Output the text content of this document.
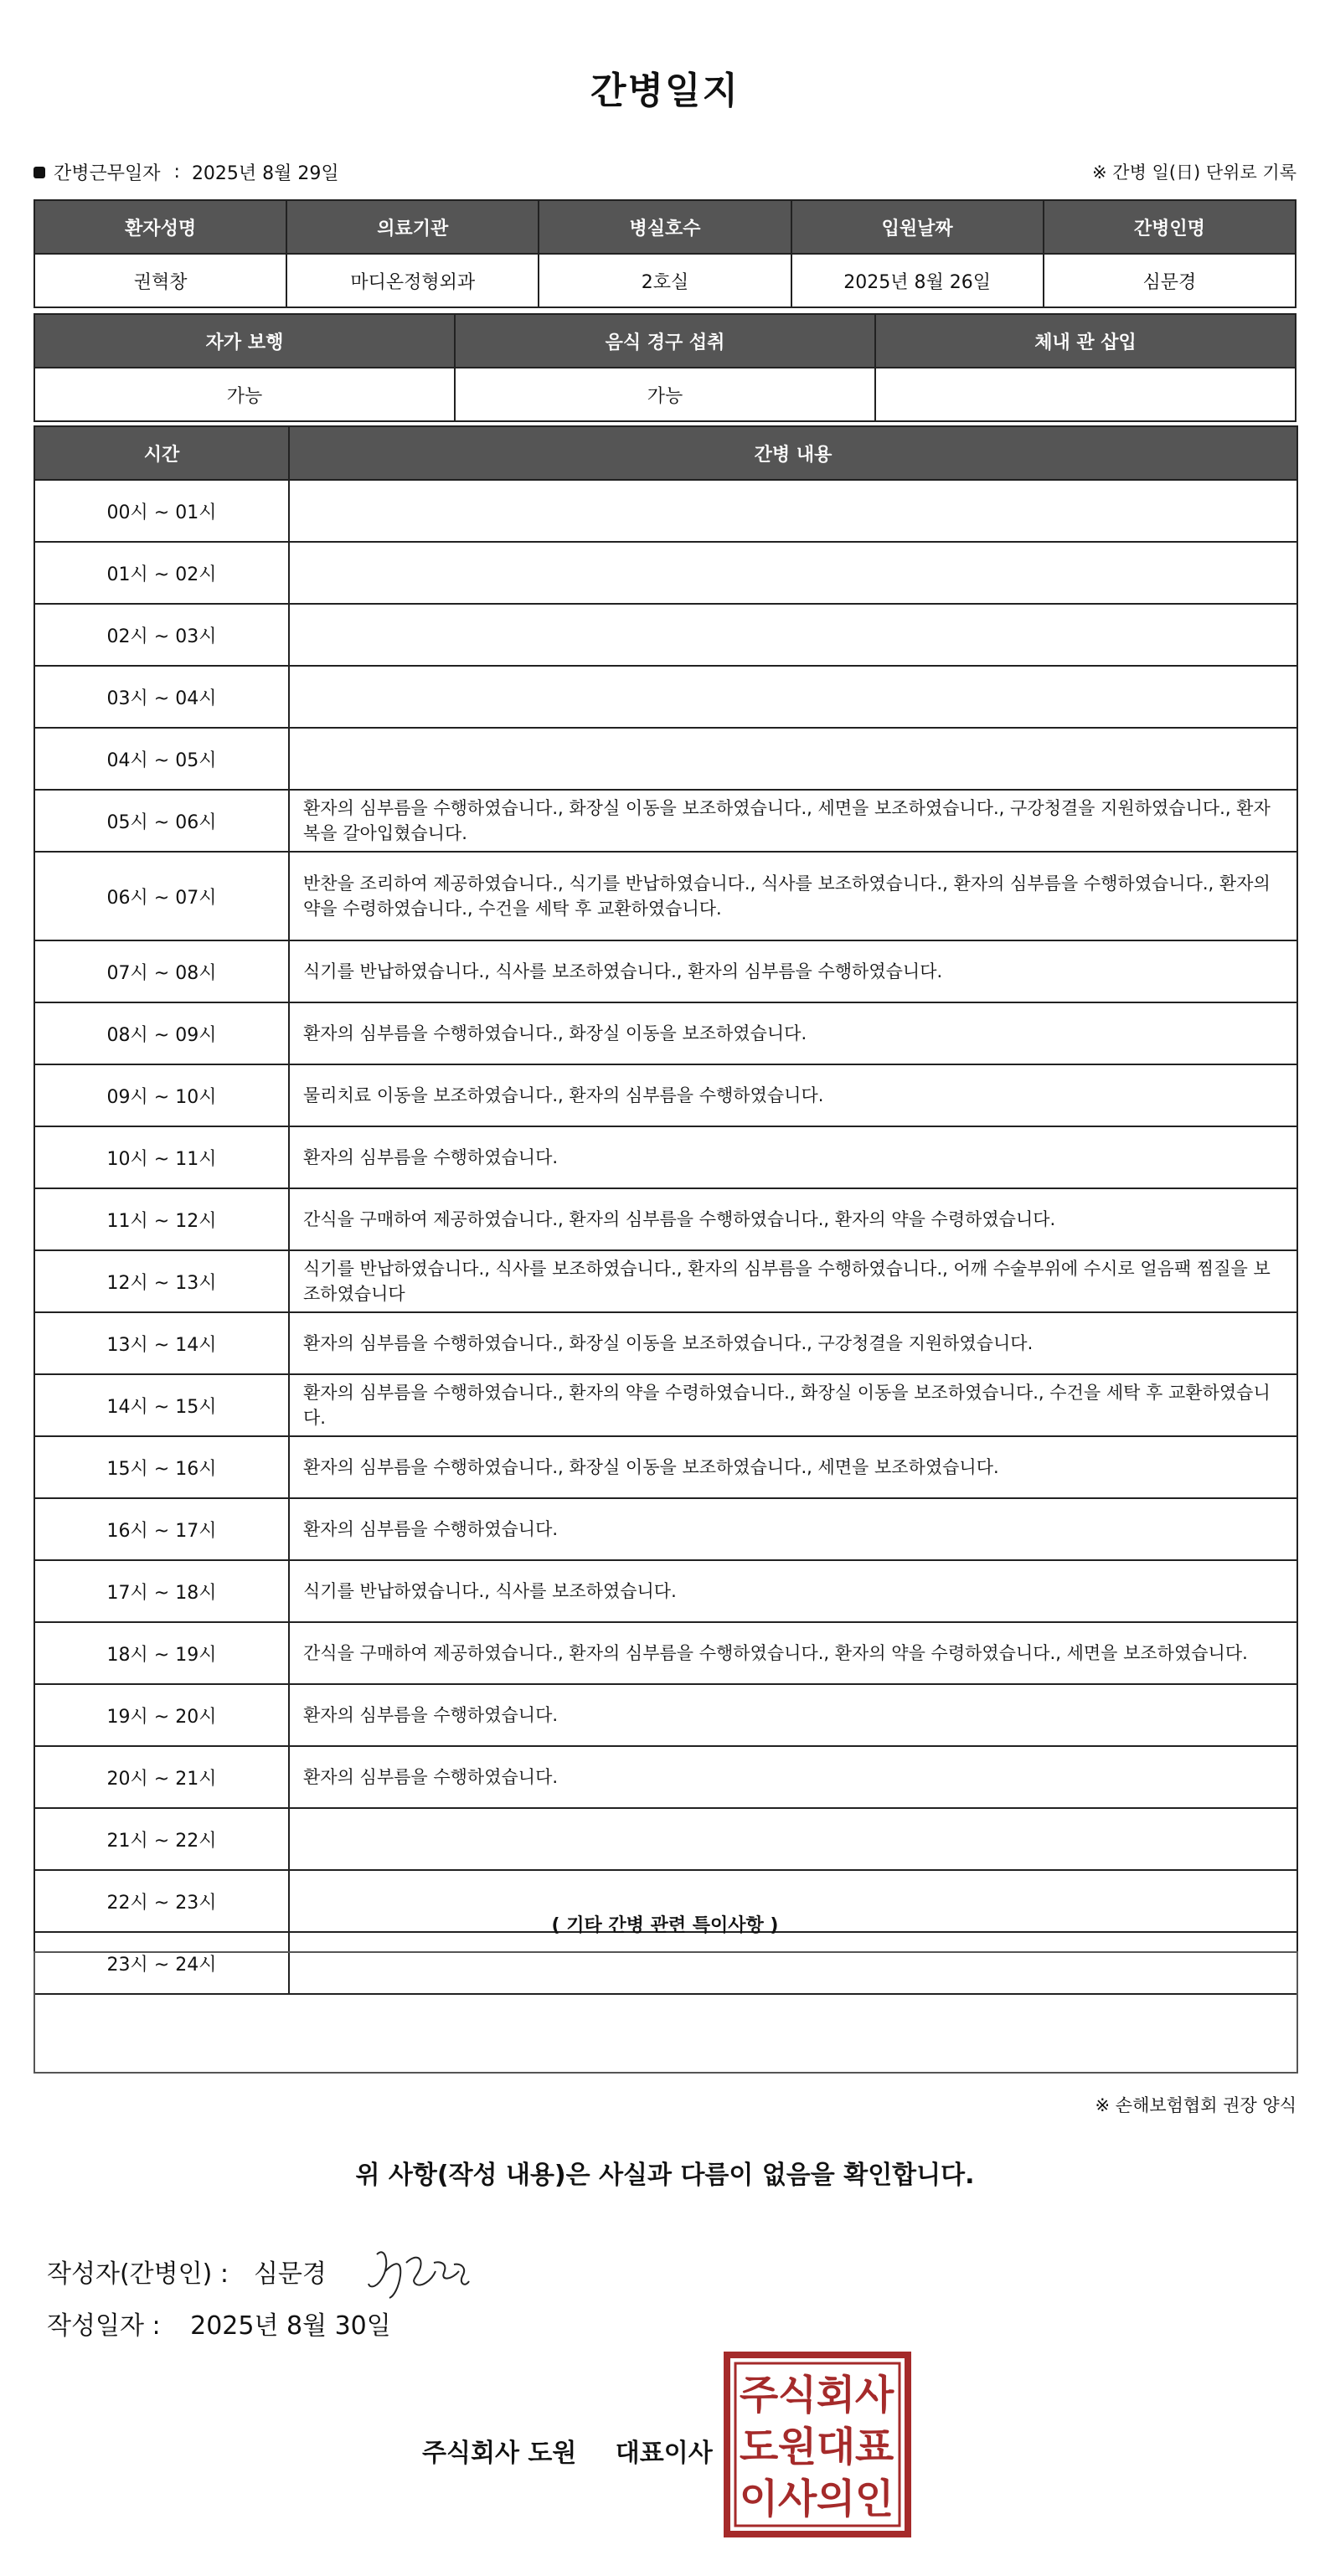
간병일지
간병근무일자 : 2025년 8월 29일	※ 간병 일(日) 단위로 기록
환자성명	의료기관	병실호수	입원날짜	간병인명
권혁창	마디온정형외과	2호실	2025년 8월 26일	심문경
자가 보행	음식 경구 섭취	체내 관 삽입
가능	가능	
시간	간병 내용
00시 ~ 01시	
01시 ~ 02시	
02시 ~ 03시	
03시 ~ 04시	
04시 ~ 05시	
05시 ~ 06시	환자의 심부름을 수행하였습니다., 화장실 이동을 보조하였습니다., 세면을 보조하였습니다., 구강청결을 지원하였습니다., 환자복을 갈아입혔습니다.
06시 ~ 07시	반찬을 조리하여 제공하였습니다., 식기를 반납하였습니다., 식사를 보조하였습니다., 환자의 심부름을 수행하였습니다., 환자의 약을 수령하였습니다., 수건을 세탁 후 교환하였습니다.
07시 ~ 08시	식기를 반납하였습니다., 식사를 보조하였습니다., 환자의 심부름을 수행하였습니다.
08시 ~ 09시	환자의 심부름을 수행하였습니다., 화장실 이동을 보조하였습니다.
09시 ~ 10시	물리치료 이동을 보조하였습니다., 환자의 심부름을 수행하였습니다.
10시 ~ 11시	환자의 심부름을 수행하였습니다.
11시 ~ 12시	간식을 구매하여 제공하였습니다., 환자의 심부름을 수행하였습니다., 환자의 약을 수령하였습니다.
12시 ~ 13시	식기를 반납하였습니다., 식사를 보조하였습니다., 환자의 심부름을 수행하였습니다., 어깨 수술부위에 수시로 얼음팩 찜질을 보조하였습니다
13시 ~ 14시	환자의 심부름을 수행하였습니다., 화장실 이동을 보조하였습니다., 구강청결을 지원하였습니다.
14시 ~ 15시	환자의 심부름을 수행하였습니다., 환자의 약을 수령하였습니다., 화장실 이동을 보조하였습니다., 수건을 세탁 후 교환하였습니다.
15시 ~ 16시	환자의 심부름을 수행하였습니다., 화장실 이동을 보조하였습니다., 세면을 보조하였습니다.
16시 ~ 17시	환자의 심부름을 수행하였습니다.
17시 ~ 18시	식기를 반납하였습니다., 식사를 보조하였습니다.
18시 ~ 19시	간식을 구매하여 제공하였습니다., 환자의 심부름을 수행하였습니다., 환자의 약을 수령하였습니다., 세면을 보조하였습니다.
19시 ~ 20시	환자의 심부름을 수행하였습니다.
20시 ~ 21시	환자의 심부름을 수행하였습니다.
21시 ~ 22시	
22시 ~ 23시	
23시 ~ 24시	
( 기타 간병 관련 특이사항 )
※ 손해보험협회 권장 양식
위 사항(작성 내용)은 사실과 다름이 없음을 확인합니다.
작성자(간병인) : 심문경
작성일자 : 2025년 8월 30일
주식회사 도원 대표이사
주 식 회 사
도 원 대 표
이 사 의 인
